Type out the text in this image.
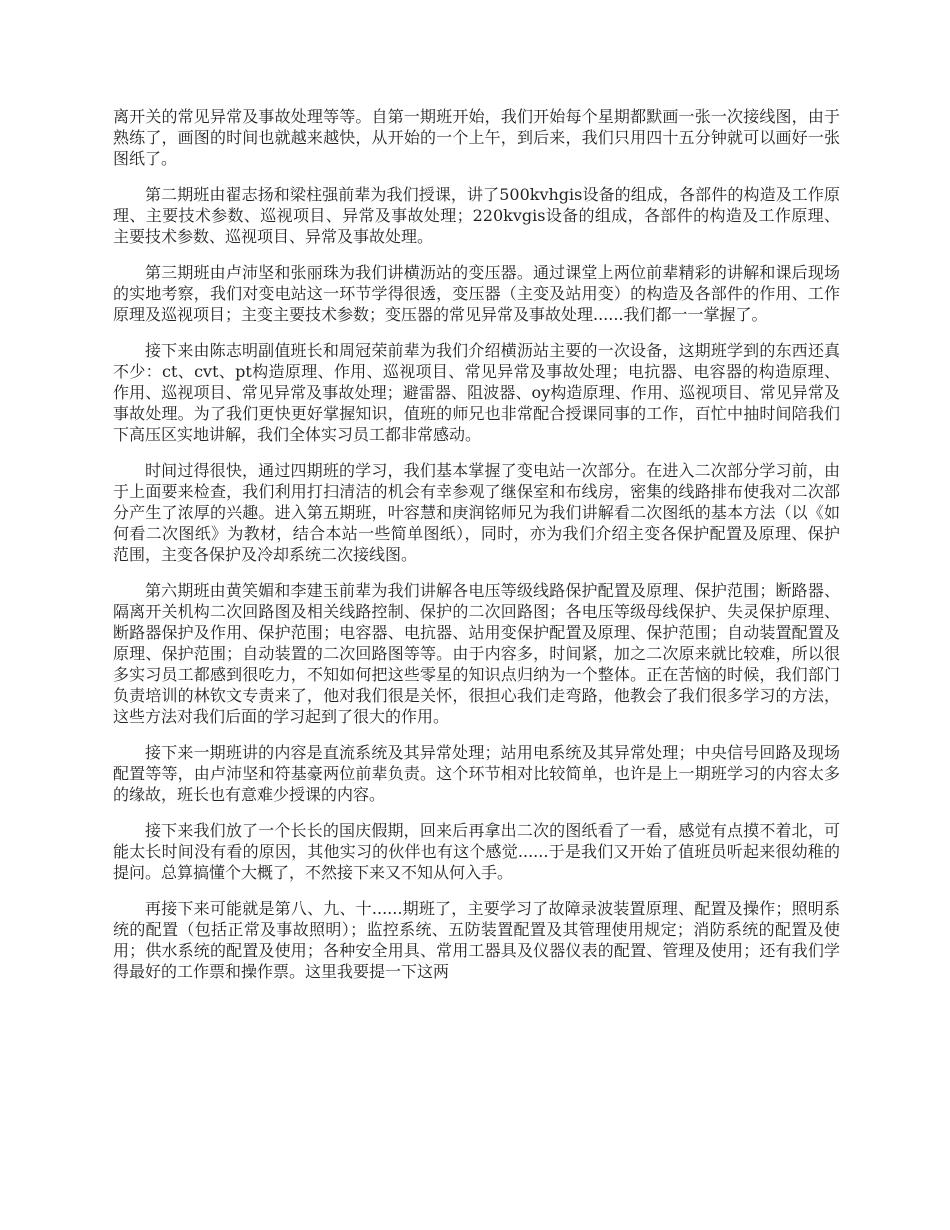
离开关的常见异常及事故处理等等。自第一期班开始，我们开始每个星期都默画一张一次接线图，由于熟练了，画图的时间也就越来越快，从开始的一个上午，到后来，我们只用四十五分钟就可以画好一张图纸了。

第二期班由翟志扬和梁柱强前辈为我们授课，讲了500kvhgis设备的组成，各部件的构造及工作原理、主要技术参数、巡视项目、异常及事故处理；220kvgis设备的组成，各部件的构造及工作原理、主要技术参数、巡视项目、异常及事故处理。

第三期班由卢沛坚和张丽珠为我们讲横沥站的变压器。通过课堂上两位前辈精彩的讲解和课后现场的实地考察，我们对变电站这一环节学得很透，变压器（主变及站用变）的构造及各部件的作用、工作原理及巡视项目；主变主要技术参数；变压器的常见异常及事故处理......我们都一一掌握了。

接下来由陈志明副值班长和周冠荣前辈为我们介绍横沥站主要的一次设备，这期班学到的东西还真不少：ct、cvt、pt构造原理、作用、巡视项目、常见异常及事故处理；电抗器、电容器的构造原理、作用、巡视项目、常见异常及事故处理；避雷器、阻波器、oy构造原理、作用、巡视项目、常见异常及事故处理。为了我们更快更好掌握知识，值班的师兄也非常配合授课同事的工作，百忙中抽时间陪我们下高压区实地讲解，我们全体实习员工都非常感动。

时间过得很快，通过四期班的学习，我们基本掌握了变电站一次部分。在进入二次部分学习前，由于上面要来检查，我们利用打扫清洁的机会有幸参观了继保室和布线房，密集的线路排布使我对二次部分产生了浓厚的兴趣。进入第五期班，叶容慧和庚润铭师兄为我们讲解看二次图纸的基本方法（以《如何看二次图纸》为教材，结合本站一些简单图纸），同时，亦为我们介绍主变各保护配置及原理、保护范围，主变各保护及冷却系统二次接线图。

第六期班由黄笑媚和李建玉前辈为我们讲解各电压等级线路保护配置及原理、保护范围；断路器、隔离开关机构二次回路图及相关线路控制、保护的二次回路图；各电压等级母线保护、失灵保护原理、断路器保护及作用、保护范围；电容器、电抗器、站用变保护配置及原理、保护范围；自动装置配置及原理、保护范围；自动装置的二次回路图等等。由于内容多，时间紧，加之二次原来就比较难，所以很多实习员工都感到很吃力，不知如何把这些零星的知识点归纳为一个整体。正在苦恼的时候，我们部门负责培训的林钦文专责来了，他对我们很是关怀，很担心我们走弯路，他教会了我们很多学习的方法，这些方法对我们后面的学习起到了很大的作用。

接下来一期班讲的内容是直流系统及其异常处理；站用电系统及其异常处理；中央信号回路及现场配置等等，由卢沛坚和符基豪两位前辈负责。这个环节相对比较简单，也许是上一期班学习的内容太多的缘故，班长也有意难少授课的内容。

接下来我们放了一个长长的国庆假期，回来后再拿出二次的图纸看了一看，感觉有点摸不着北，可能太长时间没有看的原因，其他实习的伙伴也有这个感觉......于是我们又开始了值班员听起来很幼稚的提问。总算搞懂个大概了，不然接下来又不知从何入手。

再接下来可能就是第八、九、十......期班了，主要学习了故障录波装置原理、配置及操作；照明系统的配置（包括正常及事故照明）；监控系统、五防装置配置及其管理使用规定；消防系统的配置及使用；供水系统的配置及使用；各种安全用具、常用工器具及仪器仪表的配置、管理及使用；还有我们学得最好的工作票和操作票。这里我要提一下这两
